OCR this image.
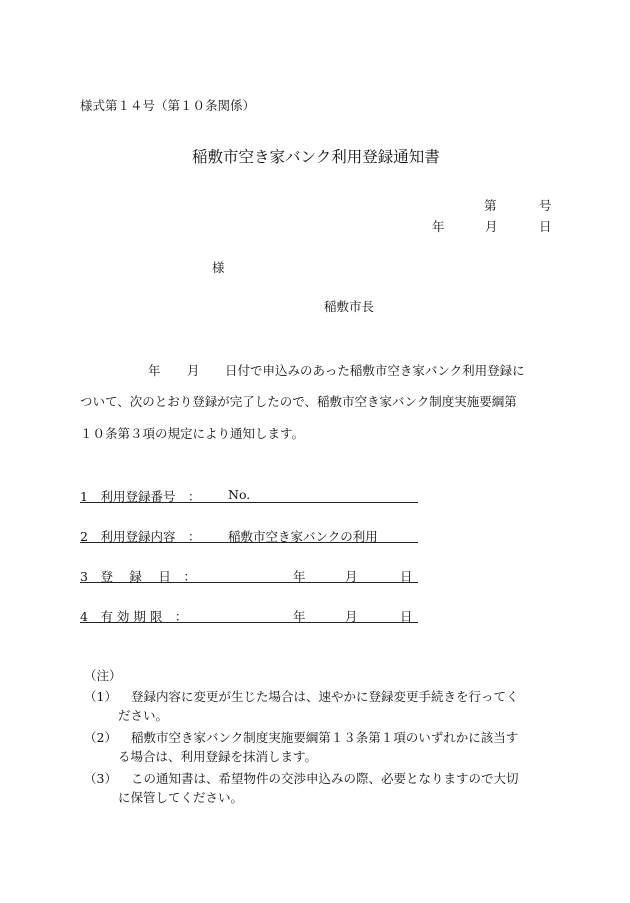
様式第１４号（第１０条関係）
稲敷市空き家バンク利用登録通知書
第	号
年	月	日
様
稲敷市長
年 月 日付で申込みのあった稲敷市空き家バンク利用登録に
ついて、次のとおり登録が完了したので、稲敷市空き家バンク制度実施要綱第
１０条第３項の規定により通知します。
1　利用登録番号　： No.
2　利用登録内容　： 稲敷市空き家バンクの利用
3　登　 録　 日　：	年	月	日
4　有 効 期 限　：	年	月	日
（注）
（1） 登録内容に変更が生じた場合は、速やかに登録変更手続きを行ってく
ださい。
（2） 稲敷市空き家バンク制度実施要綱第１３条第１項のいずれかに該当す
る場合は、利用登録を抹消します。
（3） この通知書は、希望物件の交渉申込みの際、必要となりますので大切
に保管してください。
